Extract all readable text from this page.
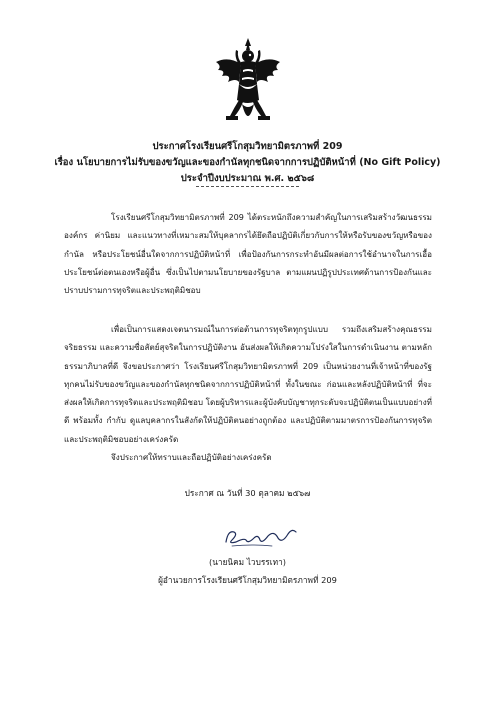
ประกาศโรงเรียนศรีโกสุมวิทยามิตรภาพที่ 209
เรื่อง นโยบายการไม่รับของขวัญและของกำนัลทุกชนิดจากการปฏิบัติหน้าที่ (No Gift Policy)
ประจำปีงบประมาณ พ.ศ. ๒๕๖๘
โรงเรียนศรีโกสุมวิทยามิตรภาพที่ 209 ได้ตระหนักถึงความสำคัญในการเสริมสร้างวัฒนธรรม องค์กร ค่านิยม และแนวทางที่เหมาะสมให้บุคลากรได้ยึดถือปฏิบัติเกี่ยวกับการให้หรือรับของขวัญหรือของกำนัล หรือประโยชน์อื่นใดจากการปฏิบัติหน้าที่ เพื่อป้องกันการกระทำอันมีผลต่อการใช้อำนาจในการเอื้อประโยชน์ต่อตนเองหรือผู้อื่น ซึ่งเป็นไปตามนโยบายของรัฐบาล ตามแผนปฏิรูปประเทศด้านการป้องกันและปราบปรามการทุจริตและประพฤติมิชอบ
เพื่อเป็นการแสดงเจตนารมณ์ในการต่อต้านการทุจริตทุกรูปแบบ รวมถึงเสริมสร้างคุณธรรม จริยธรรม และความซื่อสัตย์สุจริตในการปฏิบัติงาน อันส่งผลให้เกิดความโปร่งใสในการดำเนินงาน ตามหลักธรรมาภิบาลที่ดี จึงขอประกาศว่า โรงเรียนศรีโกสุมวิทยามิตรภาพที่ 209 เป็นหน่วยงานที่เจ้าหน้าที่ของรัฐทุกคนไม่รับของขวัญและของกำนัลทุกชนิดจากการปฏิบัติหน้าที่ ทั้งในขณะ ก่อนและหลังปฏิบัติหน้าที่ ที่จะส่งผลให้เกิดการทุจริตและประพฤติมิชอบ โดยผู้บริหารและผู้บังคับบัญชาทุกระดับจะปฏิบัติตนเป็นแบบอย่างที่ดี พร้อมทั้ง กำกับ ดูแลบุคลากรในสังกัดให้ปฏิบัติตนอย่างถูกต้อง และปฏิบัติตามมาตรการป้องกันการทุจริตและประพฤติมิชอบอย่างเคร่งครัด
จึงประกาศให้ทราบและถือปฏิบัติอย่างเคร่งครัด
ประกาศ ณ วันที่ 30 ตุลาคม ๒๕๖๗
(นายนิคม ไวบรรเทา)
ผู้อำนวยการโรงเรียนศรีโกสุมวิทยามิตรภาพที่ 209
